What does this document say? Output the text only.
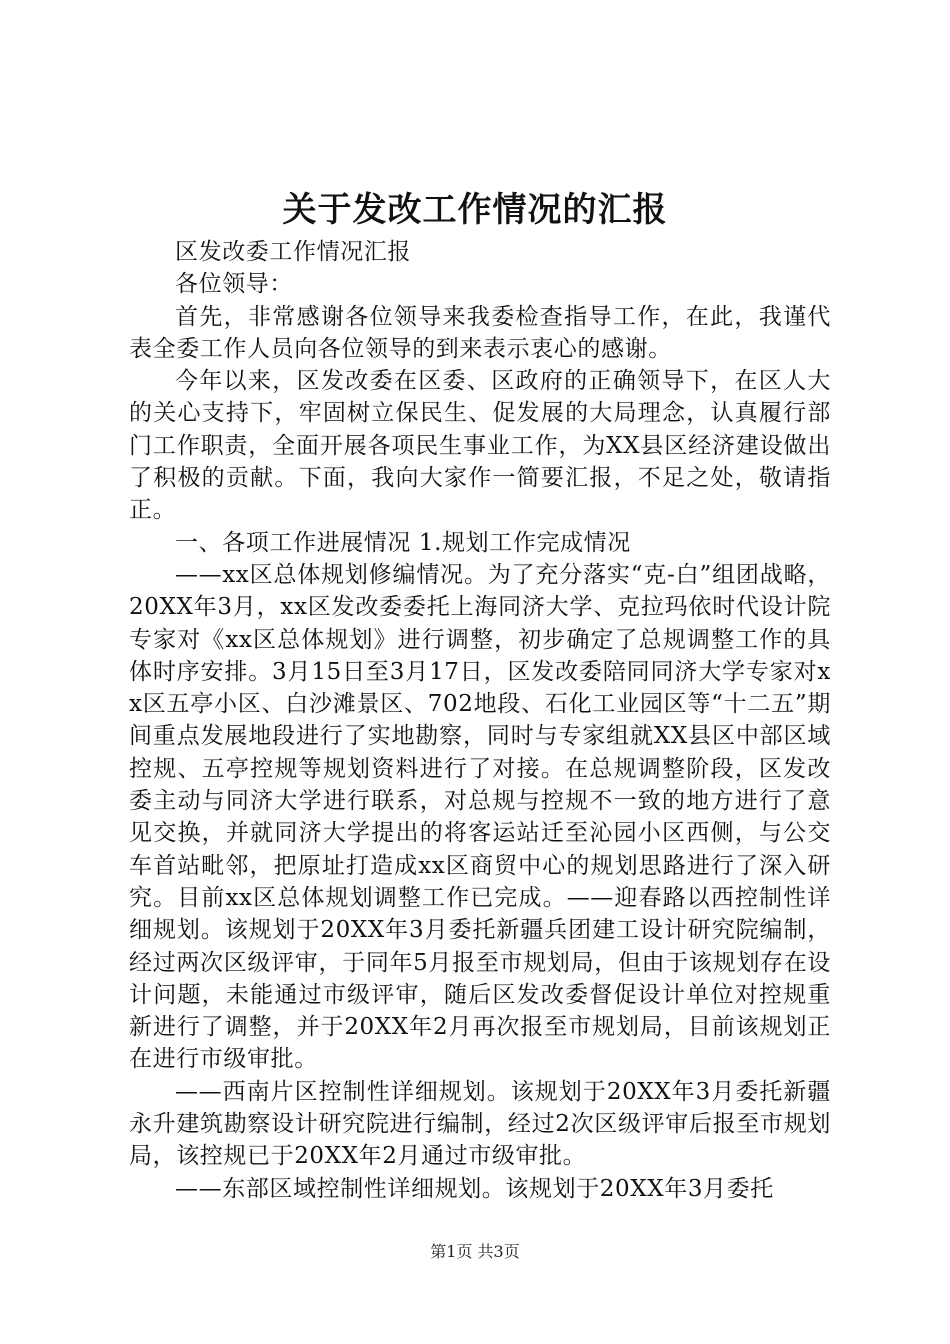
关于发改工作情况的汇报

区发改委工作情况汇报

各位领导：

首先，非常感谢各位领导来我委检查指导工作，在此，我谨代表全委工作人员向各位领导的到来表示衷心的感谢。

今年以来，区发改委在区委、区政府的正确领导下，在区人大的关心支持下，牢固树立保民生、促发展的大局理念，认真履行部门工作职责，全面开展各项民生事业工作，为XX县区经济建设做出了积极的贡献。下面，我向大家作一简要汇报，不足之处，敬请指正。

一、各项工作进展情况 1.规划工作完成情况

——xx区总体规划修编情况。为了充分落实“克-白”组团战略，20XX年3月，xx区发改委委托上海同济大学、克拉玛依时代设计院专家对《xx区总体规划》进行调整，初步确定了总规调整工作的具体时序安排。3月15日至3月17日，区发改委陪同同济大学专家对xx区五亭小区、白沙滩景区、702地段、石化工业园区等“十二五”期间重点发展地段进行了实地勘察，同时与专家组就XX县区中部区域控规、五亭控规等规划资料进行了对接。在总规调整阶段，区发改委主动与同济大学进行联系，对总规与控规不一致的地方进行了意见交换，并就同济大学提出的将客运站迁至沁园小区西侧，与公交车首站毗邻，把原址打造成xx区商贸中心的规划思路进行了深入研究。目前xx区总体规划调整工作已完成。——迎春路以西控制性详细规划。该规划于20XX年3月委托新疆兵团建工设计研究院编制，经过两次区级评审，于同年5月报至市规划局，但由于该规划存在设计问题，未能通过市级评审，随后区发改委督促设计单位对控规重新进行了调整，并于20XX年2月再次报至市规划局，目前该规划正在进行市级审批。

——西南片区控制性详细规划。该规划于20XX年3月委托新疆永升建筑勘察设计研究院进行编制，经过2次区级评审后报至市规划局，该控规已于20XX年2月通过市级审批。

——东部区域控制性详细规划。该规划于20XX年3月委托

第1页 共3页
